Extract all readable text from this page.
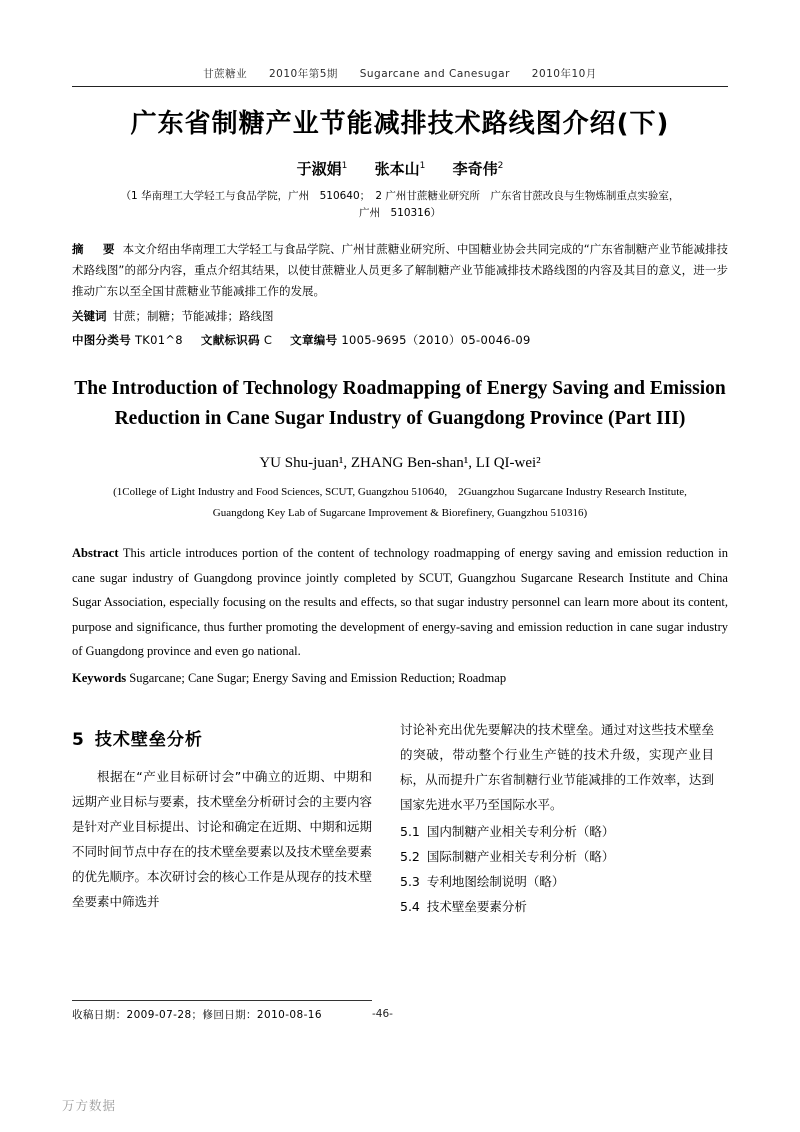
甘蔗糖业 2010年第5期 Sugarcane and Canesugar 2010年10月
广东省制糖产业节能减排技术路线图介绍(下)
于淑娟$^1$ 张本山$^1$ 李奇伟$^2$
（1 华南理工大学轻工与食品学院，广州　510640；　2 广州甘蔗糖业研究所　广东省甘蔗改良与生物炼制重点实验室，
广州　510316）
摘　要 本文介绍由华南理工大学轻工与食品学院、广州甘蔗糖业研究所、中国糖业协会共同完成的“广东省制糖产业节能减排技术路线图”的部分内容，重点介绍其结果，以使甘蔗糖业人员更多了解制糖产业节能减排技术路线图的内容及其目的意义，进一步推动广东以至全国甘蔗糖业节能减排工作的发展。
关键词 甘蔗；制糖；节能减排；路线图
中图分类号 TK01^8 文献标识码 C 文章编号 1005-9695（2010）05-0046-09
The Introduction of Technology Roadmapping of Energy Saving and Emission Reduction in Cane Sugar Industry of Guangdong Province (Part III)
YU Shu-juan¹, ZHANG Ben-shan¹, LI QI-wei²
(1College of Light Industry and Food Sciences, SCUT, Guangzhou 510640,　2Guangzhou Sugarcane Industry Research Institute,
Guangdong Key Lab of Sugarcane Improvement & Biorefinery, Guangzhou 510316)
Abstract This article introduces portion of the content of technology roadmapping of energy saving and emission reduction in cane sugar industry of Guangdong province jointly completed by SCUT, Guangzhou Sugarcane Research Institute and China Sugar Association, especially focusing on the results and effects, so that sugar industry personnel can learn more about its content, purpose and significance, thus further promoting the development of energy-saving and emission reduction in cane sugar industry of Guangdong province and even go national.
Keywords Sugarcane; Cane Sugar; Energy Saving and Emission Reduction; Roadmap
5 技术壁垒分析

根据在“产业目标研讨会”中确立的近期、中期和远期产业目标与要素，技术壁垒分析研讨会的主要内容是针对产业目标提出、讨论和确定在近期、中期和远期不同时间节点中存在的技术壁垒要素以及技术壁垒要素的优先顺序。本次研讨会的核心工作是从现存的技术壁垒要素中筛选并

讨论补充出优先要解决的技术壁垒。通过对这些技术壁垒的突破，带动整个行业生产链的技术升级，实现产业目标，从而提升广东省制糖行业节能减排的工作效率，达到国家先进水平乃至国际水平。

5.1 国内制糖产业相关专利分析（略）
5.2 国际制糖产业相关专利分析（略）
5.3 专利地图绘制说明（略）
5.4 技术壁垒要素分析
收稿日期：2009-07-28；修回日期：2010-08-16	-46-
万方数据
